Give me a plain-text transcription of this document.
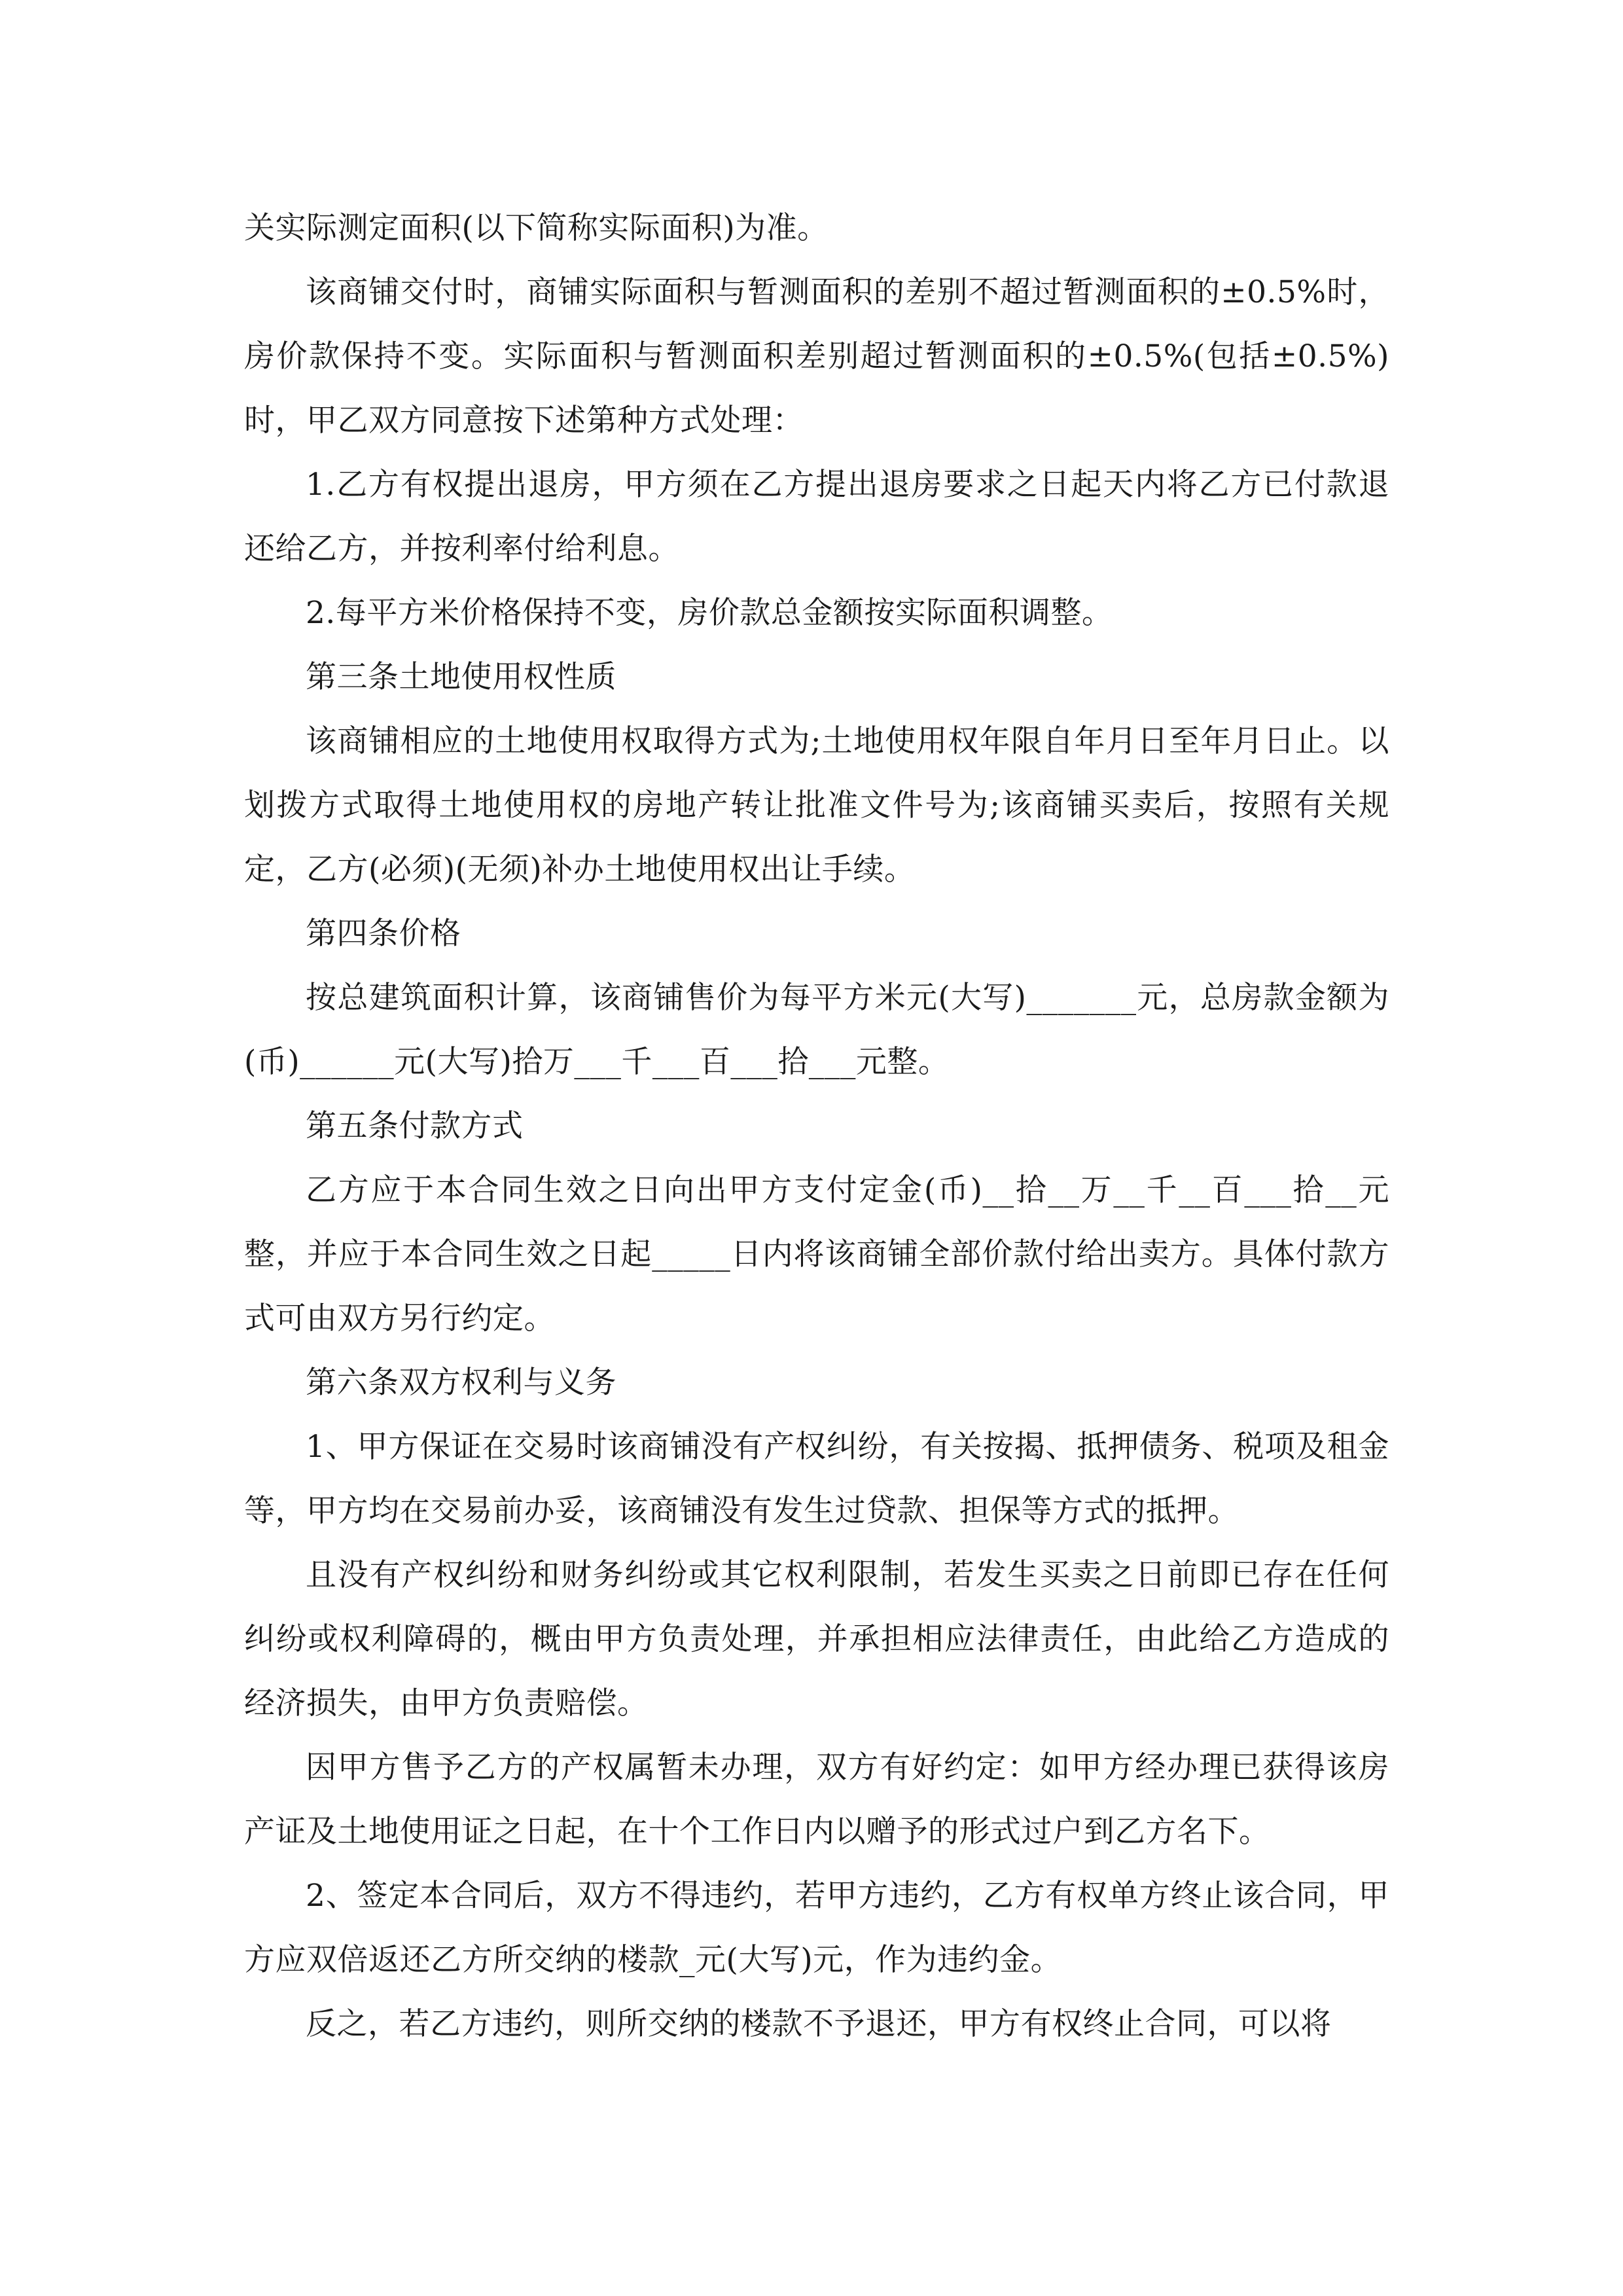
关实际测定面积(以下简称实际面积)为准。

该商铺交付时，商铺实际面积与暂测面积的差别不超过暂测面积的±0.5%时，房价款保持不变。实际面积与暂测面积差别超过暂测面积的±0.5%(包括±0.5%)时，甲乙双方同意按下述第种方式处理：

1.乙方有权提出退房，甲方须在乙方提出退房要求之日起天内将乙方已付款退还给乙方，并按利率付给利息。

2.每平方米价格保持不变，房价款总金额按实际面积调整。

第三条土地使用权性质

该商铺相应的土地使用权取得方式为;土地使用权年限自年月日至年月日止。以划拨方式取得土地使用权的房地产转让批准文件号为;该商铺买卖后，按照有关规定，乙方(必须)(无须)补办土地使用权出让手续。

第四条价格

按总建筑面积计算，该商铺售价为每平方米元(大写)_______元，总房款金额为(币)______元(大写)拾万___千___百___拾___元整。

第五条付款方式

乙方应于本合同生效之日向出甲方支付定金(币)__拾__万__千__百___拾__元整，并应于本合同生效之日起_____日内将该商铺全部价款付给出卖方。具体付款方式可由双方另行约定。

第六条双方权利与义务

1、甲方保证在交易时该商铺没有产权纠纷，有关按揭、抵押债务、税项及租金等，甲方均在交易前办妥，该商铺没有发生过贷款、担保等方式的抵押。

且没有产权纠纷和财务纠纷或其它权利限制，若发生买卖之日前即已存在任何纠纷或权利障碍的，概由甲方负责处理，并承担相应法律责任，由此给乙方造成的经济损失，由甲方负责赔偿。

因甲方售予乙方的产权属暂未办理，双方有好约定：如甲方经办理已获得该房产证及土地使用证之日起，在十个工作日内以赠予的形式过户到乙方名下。

2、签定本合同后，双方不得违约，若甲方违约，乙方有权单方终止该合同，甲方应双倍返还乙方所交纳的楼款_元(大写)元，作为违约金。

反之，若乙方违约，则所交纳的楼款不予退还，甲方有权终止合同，可以将
